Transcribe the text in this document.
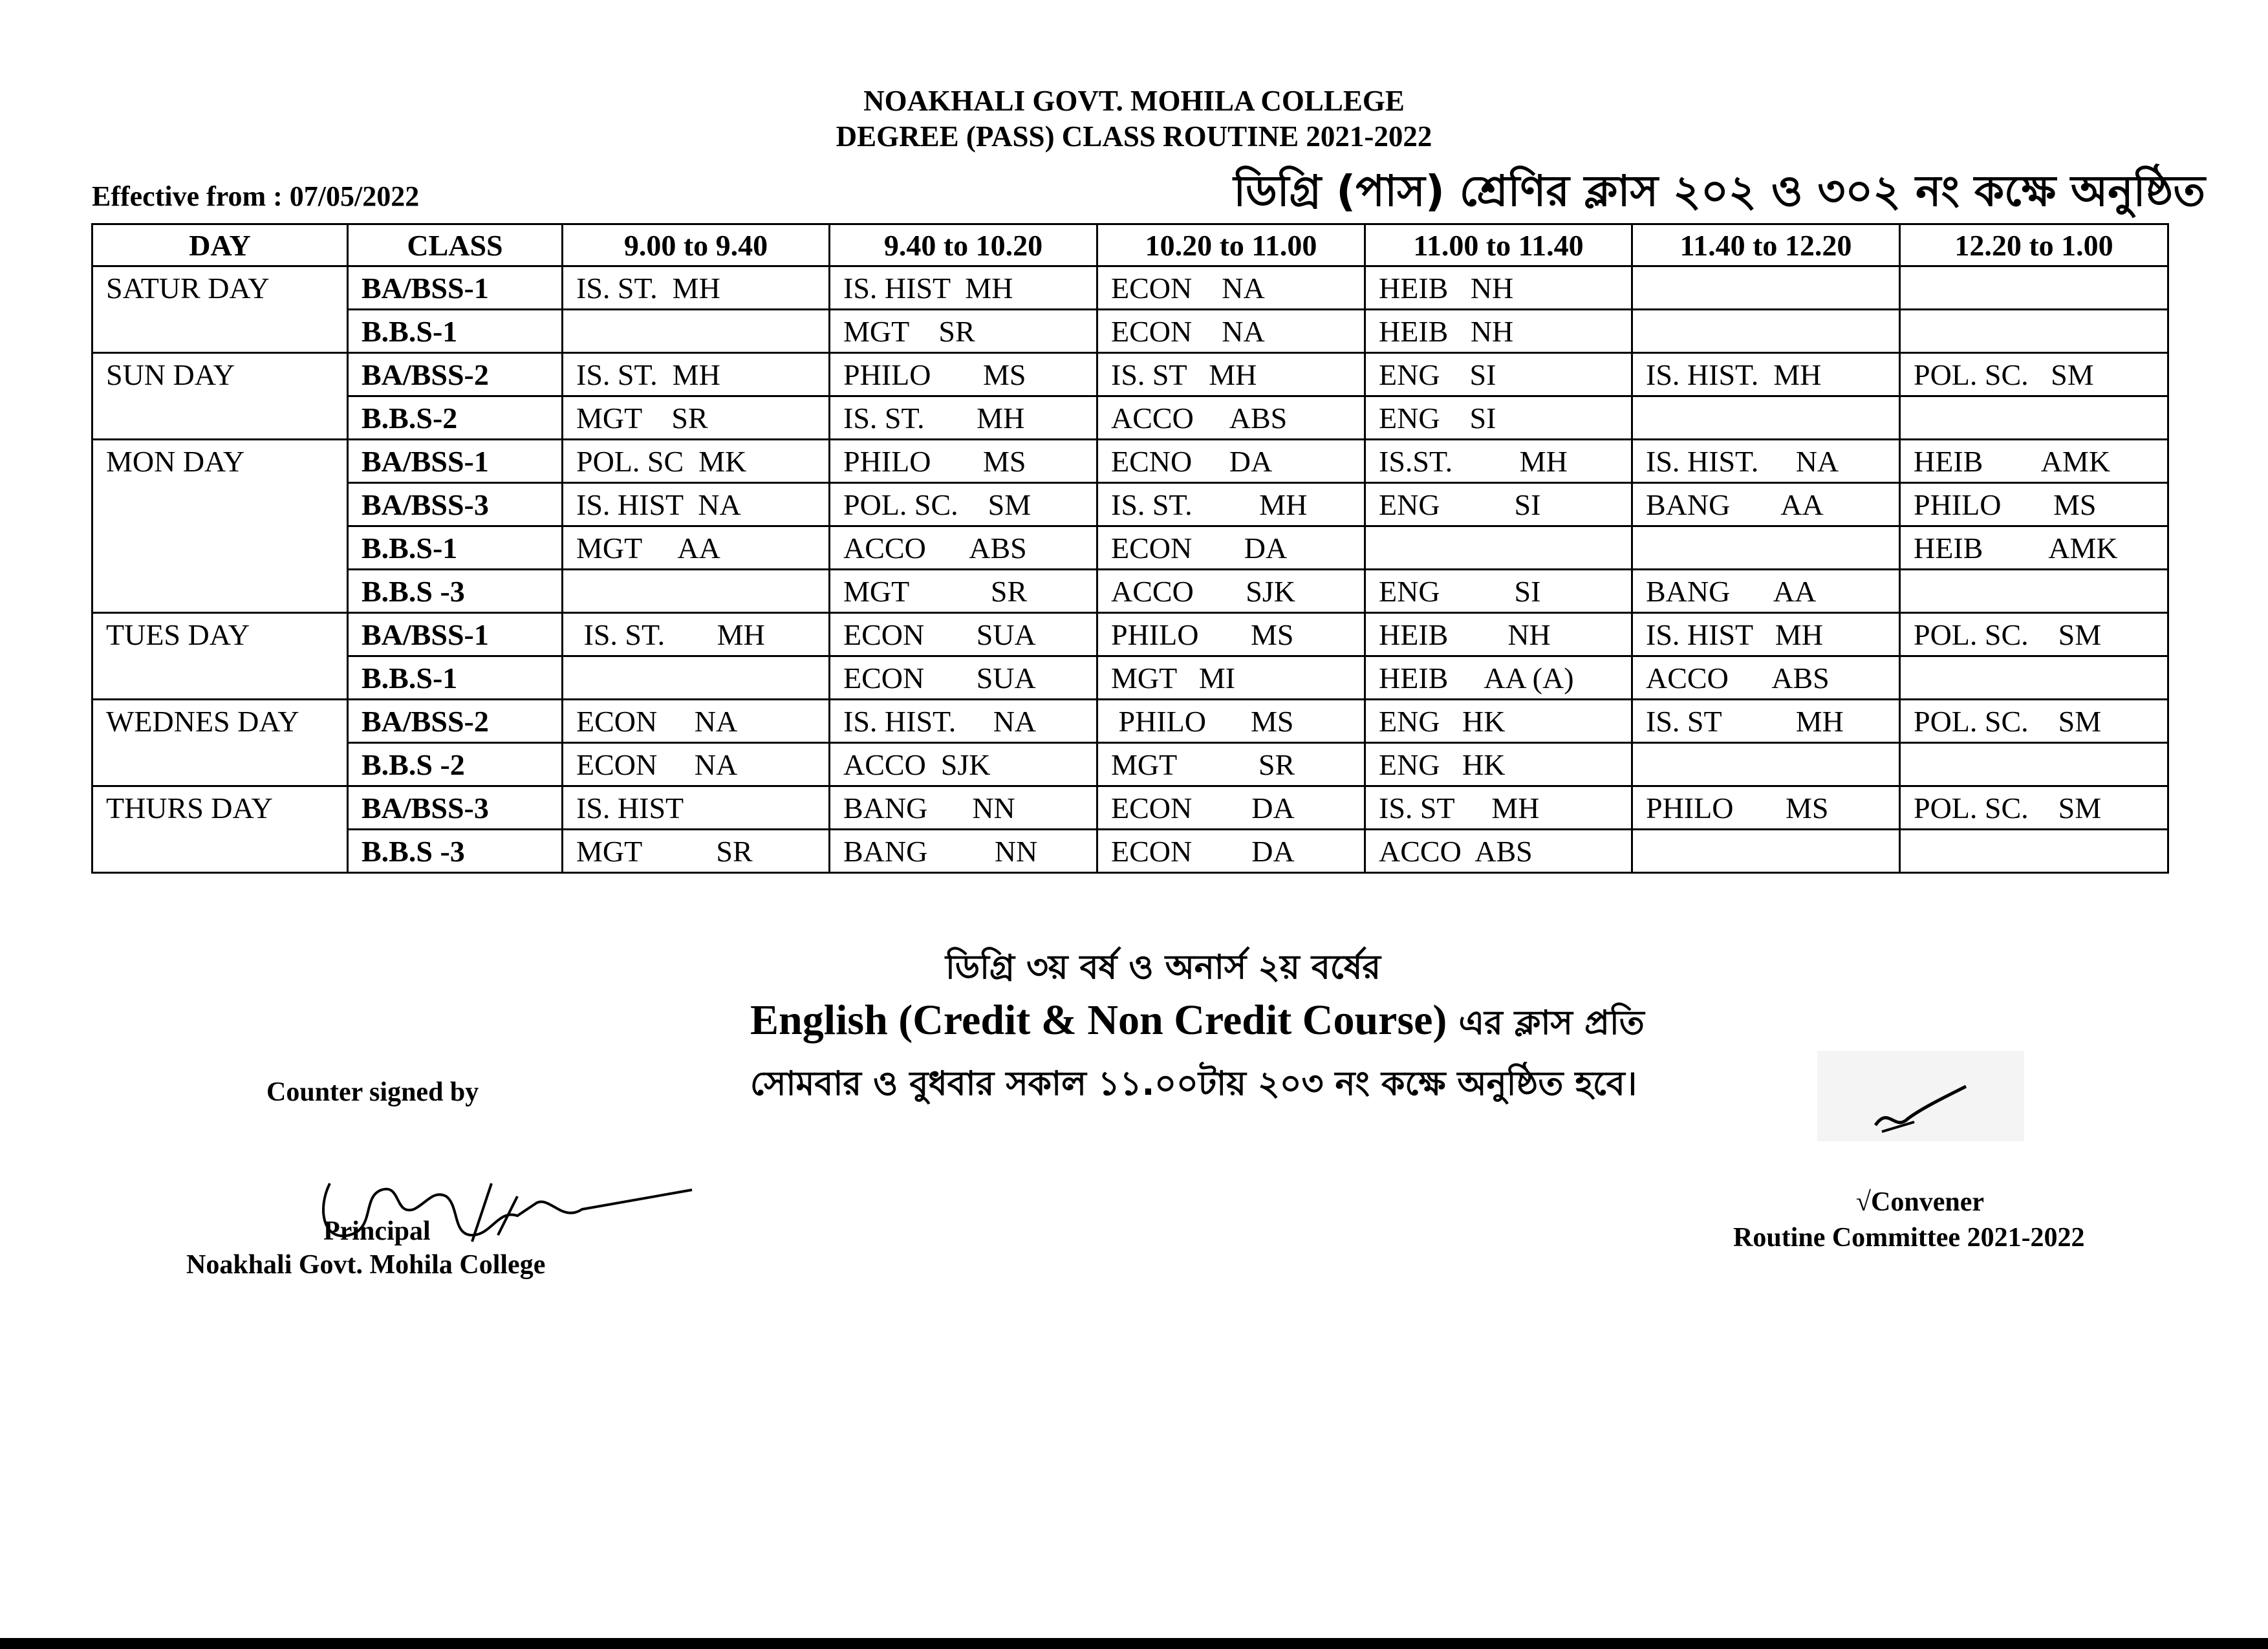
NOAKHALI GOVT. MOHILA COLLEGE
DEGREE (PASS) CLASS ROUTINE 2021-2022
Effective from : 07/05/2022	ডিগ্রি (পাস) শ্রেণির ক্লাস ২০২ ও ৩০২ নং কক্ষে অনুষ্ঠিত
DAY	CLASS	9.00 to 9.40	9.40 to 10.20	10.20 to 11.00	11.00 to 11.40	11.40 to 12.20	12.20 to 1.00
SATUR DAY	BA/BSS-1	IS. ST.  MH	IS. HIST  MH	ECON    NA	HEIB   NH		
	B.B.S-1		MGT    SR	ECON    NA	HEIB   NH		
SUN DAY	BA/BSS-2	IS. ST.  MH	PHILO       MS	IS. ST   MH	ENG    SI	IS. HIST.  MH	POL. SC.   SM
	B.B.S-2	MGT    SR	IS. ST.       MH	ACCO     ABS	ENG    SI		
MON DAY	BA/BSS-1	POL. SC  MK	PHILO       MS	ECNO     DA	IS.ST.         MH	IS. HIST.     NA	HEIB        AMK
	BA/BSS-3	IS. HIST  NA	POL. SC.    SM	IS. ST.         MH	ENG          SI	BANG       AA	PHILO       MS
	B.B.S-1	MGT     AA	ACCO      ABS	ECON       DA			HEIB         AMK
	B.B.S -3		MGT           SR	ACCO       SJK	ENG          SI	BANG      AA	
TUES DAY	BA/BSS-1	IS. ST.       MH	ECON       SUA	PHILO       MS	HEIB        NH	IS. HIST   MH	POL. SC.    SM
	B.B.S-1		ECON       SUA	MGT   MI	HEIB     AA (A)	ACCO      ABS	
WEDNES DAY	BA/BSS-2	ECON     NA	IS. HIST.     NA	PHILO      MS	ENG   HK	IS. ST          MH	POL. SC.    SM
	B.B.S -2	ECON     NA	ACCO  SJK	MGT           SR	ENG   HK		
THURS DAY	BA/BSS-3	IS. HIST	BANG      NN	ECON        DA	IS. ST     MH	PHILO       MS	POL. SC.    SM
	B.B.S -3	MGT          SR	BANG         NN	ECON        DA	ACCO  ABS		
ডিগ্রি ৩য় বর্ষ ও অনার্স ২য় বর্ষের
English (Credit & Non Credit Course) এর ক্লাস প্রতি
সোমবার ও বুধবার সকাল ১১.০০টায় ২০৩ নং কক্ষে অনুষ্ঠিত হবে।
Counter signed by
Principal
Noakhali Govt. Mohila College
√Convener
Routine Committee 2021-2022
